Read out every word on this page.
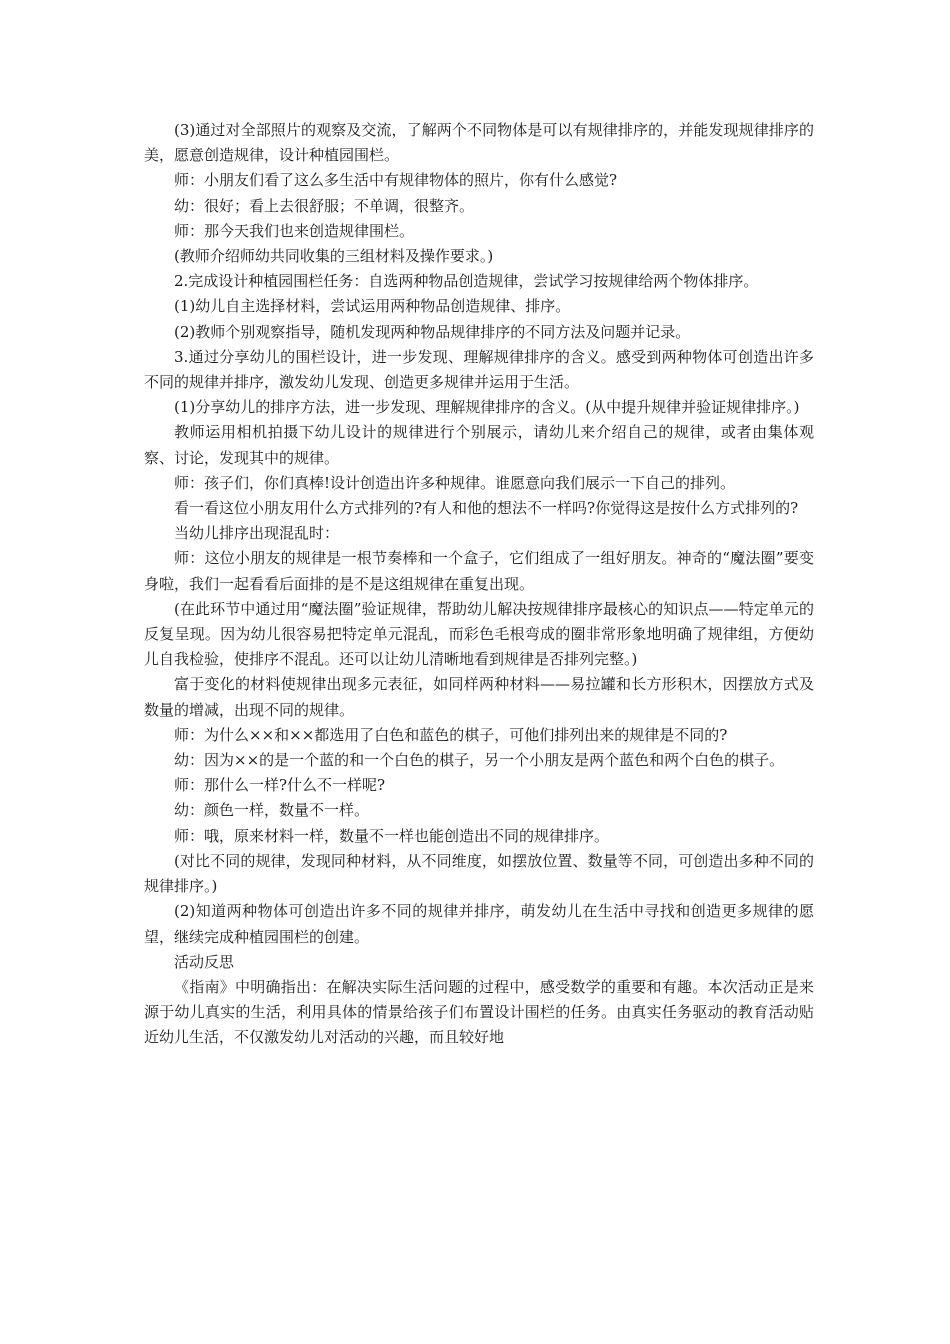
(3)通过对全部照片的观察及交流，了解两个不同物体是可以有规律排序的，并能发现规律排序的美，愿意创造规律，设计种植园围栏。

师：小朋友们看了这么多生活中有规律物体的照片，你有什么感觉?

幼：很好；看上去很舒服；不单调，很整齐。

师：那今天我们也来创造规律围栏。

(教师介绍师幼共同收集的三组材料及操作要求。)

2.完成设计种植园围栏任务：自选两种物品创造规律，尝试学习按规律给两个物体排序。

(1)幼儿自主选择材料，尝试运用两种物品创造规律、排序。

(2)教师个别观察指导，随机发现两种物品规律排序的不同方法及问题并记录。

3.通过分享幼儿的围栏设计，进一步发现、理解规律排序的含义。感受到两种物体可创造出许多不同的规律并排序，激发幼儿发现、创造更多规律并运用于生活。

(1)分享幼儿的排序方法，进一步发现、理解规律排序的含义。(从中提升规律并验证规律排序。)

教师运用相机拍摄下幼儿设计的规律进行个别展示，请幼儿来介绍自己的规律，或者由集体观察、讨论，发现其中的规律。

师：孩子们，你们真棒!设计创造出许多种规律。谁愿意向我们展示一下自己的排列。

看一看这位小朋友用什么方式排列的?有人和他的想法不一样吗?你觉得这是按什么方式排列的?

当幼儿排序出现混乱时：

师：这位小朋友的规律是一根节奏棒和一个盒子，它们组成了一组好朋友。神奇的“魔法圈”要变身啦，我们一起看看后面排的是不是这组规律在重复出现。

(在此环节中通过用“魔法圈”验证规律，帮助幼儿解决按规律排序最核心的知识点——特定单元的反复呈现。因为幼儿很容易把特定单元混乱，而彩色毛根弯成的圈非常形象地明确了规律组，方便幼儿自我检验，使排序不混乱。还可以让幼儿清晰地看到规律是否排列完整。)

富于变化的材料使规律出现多元表征，如同样两种材料——易拉罐和长方形积木，因摆放方式及数量的增减，出现不同的规律。

师：为什么××和××都选用了白色和蓝色的棋子，可他们排列出来的规律是不同的?

幼：因为××的是一个蓝的和一个白色的棋子，另一个小朋友是两个蓝色和两个白色的棋子。

师：那什么一样?什么不一样呢?

幼：颜色一样，数量不一样。

师：哦，原来材料一样，数量不一样也能创造出不同的规律排序。

(对比不同的规律，发现同种材料，从不同维度，如摆放位置、数量等不同，可创造出多种不同的规律排序。)

(2)知道两种物体可创造出许多不同的规律并排序，萌发幼儿在生活中寻找和创造更多规律的愿望，继续完成种植园围栏的创建。

活动反思

《指南》中明确指出：在解决实际生活问题的过程中，感受数学的重要和有趣。本次活动正是来源于幼儿真实的生活，利用具体的情景给孩子们布置设计围栏的任务。由真实任务驱动的教育活动贴近幼儿生活，不仅激发幼儿对活动的兴趣，而且较好地
